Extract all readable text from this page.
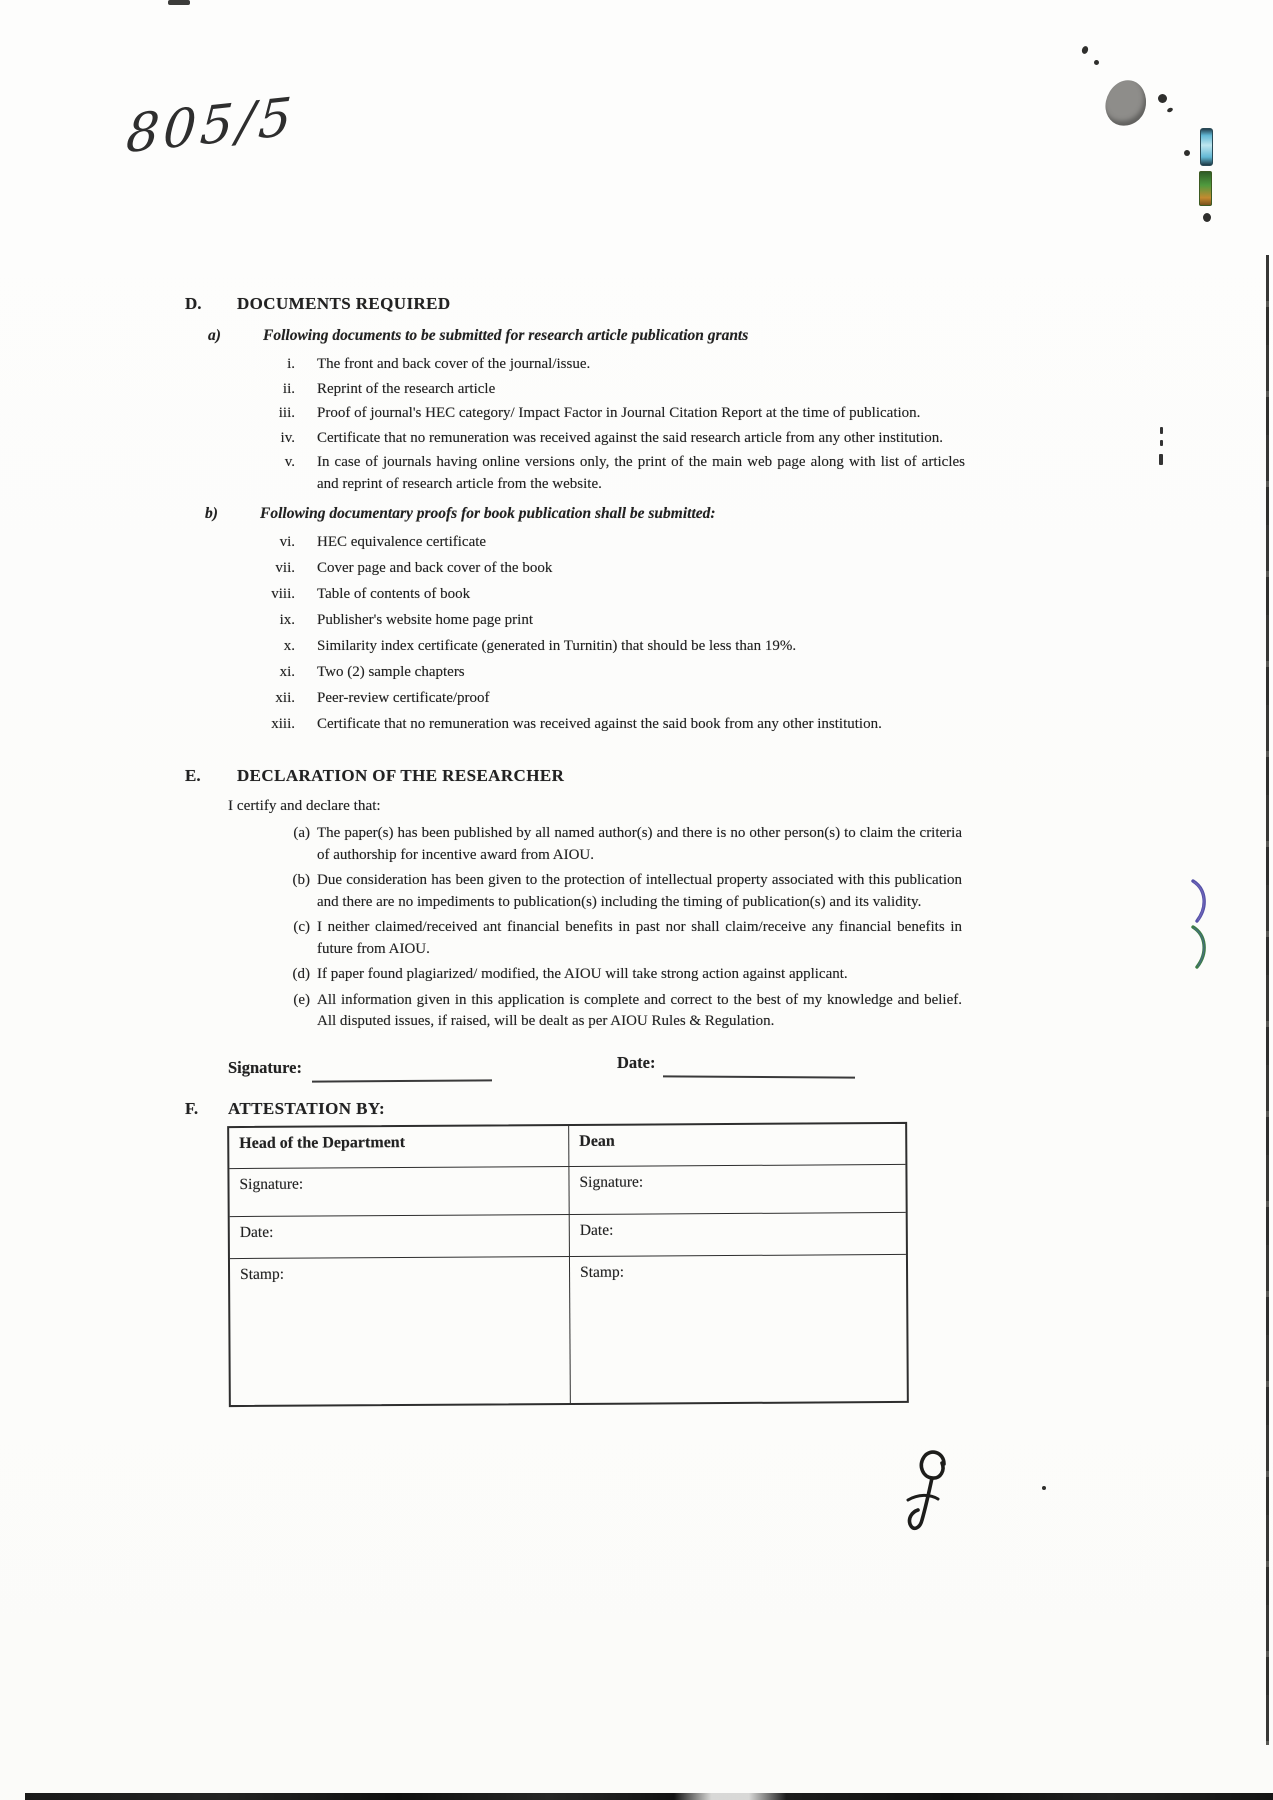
805/5
D.	DOCUMENTS REQUIRED
a)	Following documents to be submitted for research article publication grants
i. The front and back cover of the journal/issue.
ii. Reprint of the research article
iii. Proof of journal's HEC category/ Impact Factor in Journal Citation Report at the time of publication.
iv. Certificate that no remuneration was received against the said research article from any other institution.
v. In case of journals having online versions only, the print of the main web page along with list of articles and reprint of research article from the website.
b)	Following documentary proofs for book publication shall be submitted:
vi. HEC equivalence certificate
vii. Cover page and back cover of the book
viii. Table of contents of book
ix. Publisher's website home page print
x. Similarity index certificate (generated in Turnitin) that should be less than 19%.
xi. Two (2) sample chapters
xii. Peer-review certificate/proof
xiii. Certificate that no remuneration was received against the said book from any other institution.
E.	DECLARATION OF THE RESEARCHER
I certify and declare that:
(a) The paper(s) has been published by all named author(s) and there is no other person(s) to claim the criteria of authorship for incentive award from AIOU.
(b) Due consideration has been given to the protection of intellectual property associated with this publication and there are no impediments to publication(s) including the timing of publication(s) and its validity.
(c) I neither claimed/received ant financial benefits in past nor shall claim/receive any financial benefits in future from AIOU.
(d) If paper found plagiarized/ modified, the AIOU will take strong action against applicant.
(e) All information given in this application is complete and correct to the best of my knowledge and belief. All disputed issues, if raised, will be dealt as per AIOU Rules & Regulation.
Signature:	Date:
F.	ATTESTATION BY:
Head of the Department	Dean
Signature:	Signature:
Date:	Date:
Stamp:	Stamp:
